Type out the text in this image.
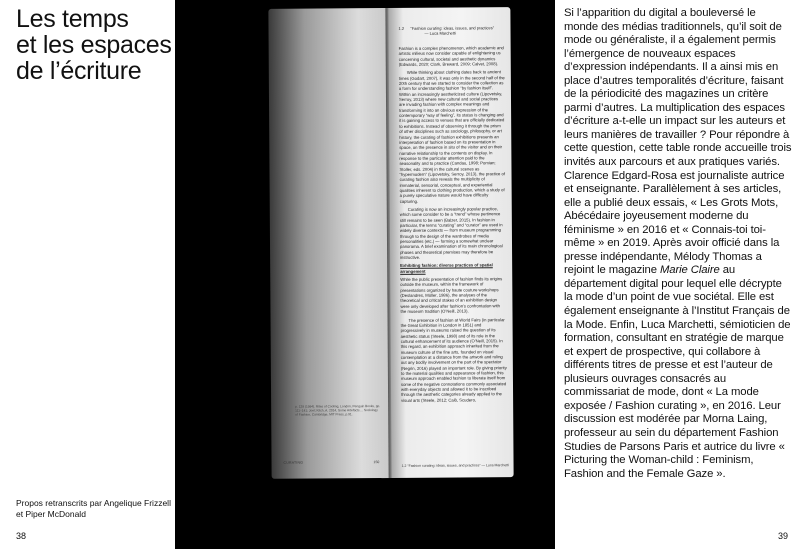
Les temps
et les espaces
de l’écriture
Propos retranscrits par Angelique Frizzell
et Piper McDonald
38
p. 129 (1994). Rites of Cooling, London, Penguin Books, pp. 111–141; Joel; Kitch, A. 2014, Some Artefacts ... Sociology of Fashion, Cambridge, MIT Press, p.91.
CURATING	150
1.2 “Fashion curating: ideas, issues, and practices”
— Luca Marchetti

Fashion is a complex phenomenon, which academic and artistic milieus now consider capable of enlightening us concerning cultural, societal and aesthetic dynamics (Edwards, 2020; Clark, Breward, 2009; Calvet, 2008).

While thinking about clothing dates back to ancient times (Godart, 2007), it was only in the second half of the 20th century that we started to consider the collection as a form for understanding fashion “by fashion itself”. Within an increasingly aestheticized culture (Lipovetsky, Serroy, 2013) where new cultural and social practices are invading fashion with complex meanings and transforming it into an obvious expression of the contemporary “way of feeling”, its status is changing and it is gaining access to venues that are officially dedicated to exhibitions. Instead of observing it through the prism of other disciplines such as sociology, philosophy, or art history, the curating of fashion exhibitions presents an interpretation of fashion based on its presentation in space, on the presence in situ of the visitor and on their narrative relationship to the contents on display. In response to the particular attention paid to the seasonality and to practice (Candau, 1998; Pomian; Stoller, eds. 2004) in the cultural scenes as “hypermodern” (Lipovetsky, Serroy, 2013), the practice of curating fashion also reveals the multiplicity of immaterial, sensorial, conceptual, and experiential qualities inherent to clothing production, which a study of a purely speculative nature would have difficulty capturing.

Curating is now an increasingly popular practice, which some consider to be a “trend” whose pertinence still remains to be seen (Balzer, 2015). In fashion in particular, the terms “curating” and “curator” are used in widely diverse contexts — from museum programming through to the design of the wardrobes of media personalities (etc.) — forming a somewhat unclear panorama. A brief examination of its main chronological phases and theoretical premises may therefore be instructive.

Exhibiting fashion: diverse practices of spatial arrangement

While the public presentation of fashion finds its origins outside the museum, within the framework of presentations organized by haute couture workshops (Deslandres, Müller, 1986), the analyses of the theoretical and critical stakes of an exhibition design were only developed after fashion’s confrontation with the museum tradition (O’Neill, 2013).

The presence of fashion at World Fairs (in particular the Great Exhibition in London in 1851) and progressively in museums raised the question of its aesthetic status (Steele, 1998) and of its role in the cultural enhancement of its audience (O’Neill, 2015). In this regard, an exhibition approach inherited from the museum culture of the fine arts, founded on visual contemplation at a distance from the artwork and ruling out any bodily involvement on the part of the spectator (Negrin, 2016) played an important role. By giving priority to the material qualities and appearance of fashion, this museum approach enabled fashion to liberate itself from some of the negative connotations commonly associated with everyday objects and allowed it to be inscribed through the aesthetic categories already applied to the visual arts (Steele, 2012; Calò, Scudero,

1.2 “Fashion curating: ideas, issues, and practices” — Luca Marchetti

Si l’apparition du digital a bouleversé le monde des médias traditionnels, qu’il soit de mode ou généraliste, il a également permis l’émergence de nouveaux espaces d’expression indépendants. Il a ainsi mis en place d’autres temporalités d’écriture, faisant de la périodicité des magazines un critère parmi d’autres. La multiplication des espaces d’écriture a-t-elle un impact sur les auteurs et leurs manières de travailler ? Pour répondre à cette question, cette table ronde accueille trois invités aux parcours et aux pratiques variés. Clarence Edgard-Rosa est journaliste autrice et enseignante. Parallèlement à ses articles, elle a publié deux essais, « Les Grots Mots, Abécédaire joyeusement moderne du féminisme » en 2016 et « Connais-toi toi-même » en 2019. Après avoir officié dans la presse indépendante, Mélody Thomas a rejoint le magazine Marie Claire au département digital pour lequel elle décrypte la mode d’un point de vue sociétal. Elle est également enseignante à l’Institut Français de la Mode. Enfin, Luca Marchetti, sémioticien de formation, consultant en stratégie de marque et expert de prospective, qui collabore à différents titres de presse et est l’auteur de plusieurs ouvrages consacrés au commissariat de mode, dont « La mode exposée / Fashion curating », en 2016. Leur discussion est modérée par Morna Laing, professeur au sein du département Fashion Studies de Parsons Paris et autrice du livre « Picturing the Woman-child : Feminism, Fashion and the Female Gaze ».

39
